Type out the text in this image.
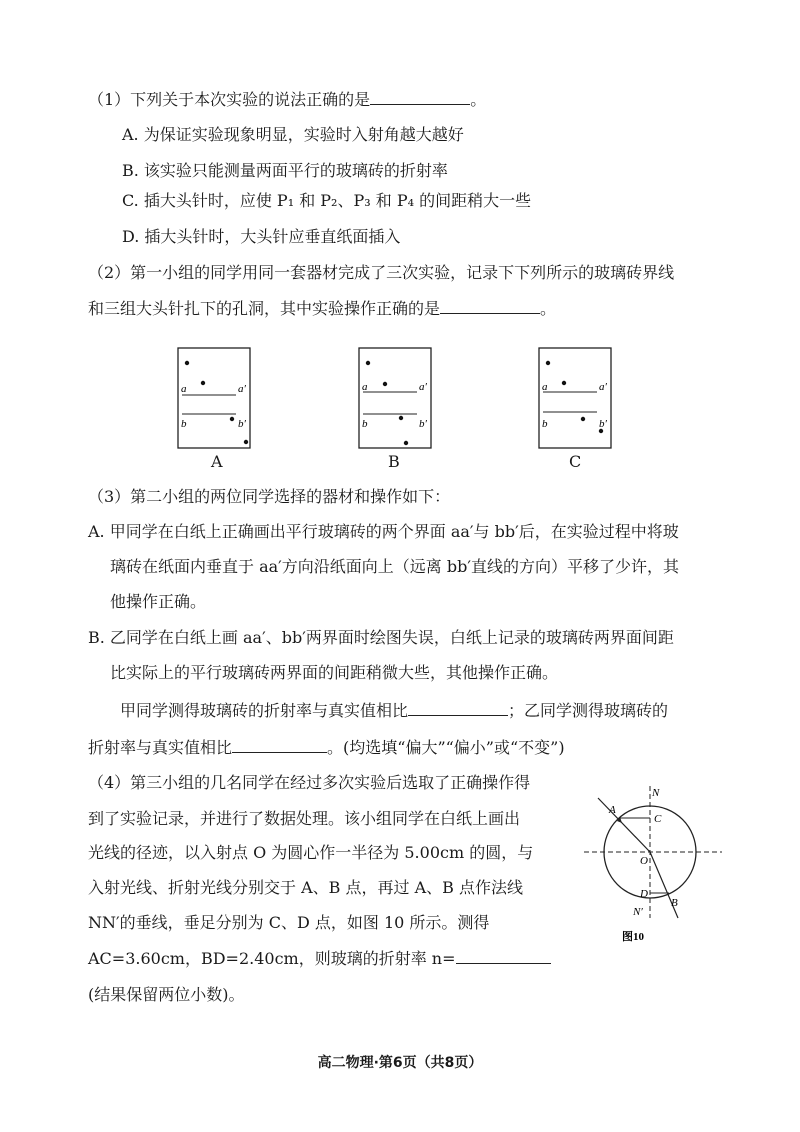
（1）下列关于本次实验的说法正确的是	。
A. 为保证实验现象明显，实验时入射角越大越好
B. 该实验只能测量两面平行的玻璃砖的折射率
C. 插大头针时，应使 P₁ 和 P₂、P₃ 和 P₄ 的间距稍大一些
D. 插大头针时，大头针应垂直纸面插入
（2）第一小组的同学用同一套器材完成了三次实验，记录下下列所示的玻璃砖界线
和三组大头针扎下的孔洞，其中实验操作正确的是	。
a	a′
b	b′
A
a	a′
b	b′
B
a	a′
b	b′
C
（3）第二小组的两位同学选择的器材和操作如下：
A. 甲同学在白纸上正确画出平行玻璃砖的两个界面 aa′与 bb′后，在实验过程中将玻
璃砖在纸面内垂直于 aa′方向沿纸面向上（远离 bb′直线的方向）平移了少许，其
他操作正确。
B. 乙同学在白纸上画 aa′、bb′两界面时绘图失误，白纸上记录的玻璃砖两界面间距
比实际上的平行玻璃砖两界面的间距稍微大些，其他操作正确。
甲同学测得玻璃砖的折射率与真实值相比	；乙同学测得玻璃砖的
折射率与真实值相比	。(均选填“偏大”“偏小”或“不变”)
（4）第三小组的几名同学在经过多次实验后选取了正确操作得
到了实验记录，并进行了数据处理。该小组同学在白纸上画出
光线的径迹，以入射点 O 为圆心作一半径为 5.00cm 的圆，与
入射光线、折射光线分别交于 A、B 点，再过 A、B 点作法线
NN′的垂线，垂足分别为 C、D 点，如图 10 所示。测得
AC=3.60cm，BD=2.40cm，则玻璃的折射率 n=
(结果保留两位小数)。
N
N′
A
C
O
D
B
图10
高二物理·第6页（共8页）
